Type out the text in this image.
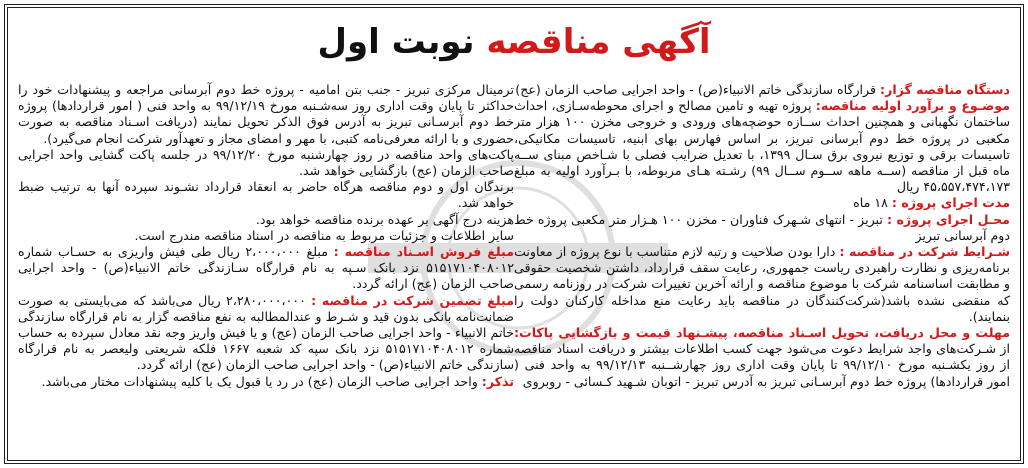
آگهی مناقصه نوبت اول

دستگاه مناقصه گزار: قرارگاه سازندگی خاتم الانبیاء(ص) - واحد اجرایی صاحب الزمان (عج)

موضـوع و برآورد اولیه مناقصه: پروژه تهیه و تامین مصالح و اجرای محوطه‌سـازی، احداث ساختمان نگهبانی و همچنین احداث ســازه حوضچه‌های ورودی و خروجی مخزن ۱۰۰ هزار متر مکعبی در پروژه خط دوم آبرسانی تبریز، بر اساس فهارس بهای ابنیه، تاسیسات مکانیکی، تاسیسات برقی و توزیع نیروی برق سـال ۱۳۹۹، با تعدیل ضرایب فصلی با شـاخص مبنای ســه ماه قبل از مناقصه (ســه ماهه ســوم ســال ۹۹) رشـته هـای مربوطه، با بـرآورد اولیه به مبلغ ۴۵،۵۵۷،۴۷۴،۱۷۳ ریال

مدت اجرای پروژه : ۱۸ ماه

محـل اجرای پروژه : تبریز - انتهای شـهرک فناوران - مخزن ۱۰۰ هـزار متر مکعبی پروژه خط دوم آبرسانی تبریز

شـرایط شرکت در مناقصه : دارا بودن صلاحیت و رتبه لازم متناسب با نوع پروژه از معاونت برنامه‌ریزی و نظارت راهبردی ریاست جمهوری، رعایت سقف قرارداد، داشتن شخصیت حقوقی و مطابقت اساسنامه شرکت با موضوع مناقصه و ارائه آخرین تغییرات شرکت در روزنامه رسمی که منقضی نشده باشد(شرکت‌کنندگان در مناقصه باید رعایت منع مداخله کارکنان دولت را بنمایند).

مهلت و محل دریافت، تحویل اسـناد مناقصه، پیشـنهاد قیمت و بازگشایی پاکات: از شـرکت‌های واجد شرایط دعوت می‌شود جهت کسب اطلاعات بیشتر و دریافت اسناد مناقصه از روز یکشـنبه مورخ ۹۹/۱۲/۱۰ تا پایان وقت اداری روز چهارشــنبه ۹۹/۱۲/۱۳ به واحد فنی ( امور قراردادها) پروژه خط دوم آبرسـانی تبریز به آدرس تبریز - اتوبان شـهید کـسائی - روبروی

ترمینال مرکزی تبریز - جنب بتن امامیه - پروژه خط دوم آبرسانی مراجعه و پیشنهادات خود را حداکثر تا پایان وقت اداری روز سه‌شـنبه مورخ ۹۹/۱۲/۱۹ به واحد فنی ( امور قراردادها) پروژه خط دوم آبرسـانی تبریز به آدرس فوق الذکر تحویل نمایند (دریافت اسـناد مناقصه به صورت حضوری و با ارائه معرفی‌نامه کتبی، با مهر و امضای مجاز و تعهدآور شرکت انجام می‌گیرد).

پاکت‌های واحد مناقصه در روز چهارشنبه مورخ ۹۹/۱۲/۲۰ در جلسه پاکت گشایی واحد اجرایی صاحب الزمان (عج) بازگشایی خواهد شد.

برندگان اول و دوم مناقصه هرگاه حاضر به انعقاد قرارداد نشـوند سپرده آنها به ترتیب ضبط خواهد شد.

هزینه درج آگهی بر عهده برنده مناقصه خواهد بود.

سایر اطلاعات و جزئیات مربوط به مناقصه در اسناد مناقصه مندرج است.

مبلغ فروش اسـناد مناقصه : مبلغ ۲،۰۰۰،۰۰۰ ریال طی فیش واریزی به حسـاب شماره ۵۱۵۱۷۱۰۴۰۸۰۱۲ نزد بانک سـپه به نام قرارگاه سـازندگی خاتم الانبیاء(ص) - واحد اجرایی صاحب الزمان (عج) ارائه گردد.

مبلغ تضمین شرکت در مناقصه : ۲،۲۸۰،۰۰۰،۰۰۰ ریال می‌باشد که می‌بایستی به صورت ضمانت‌نامه بانکی بدون قید و شـرط و عندالمطالبه به نفع مناقصه گزار به نام قرارگاه سازندگی خاتم الانبیاء - واحد اجرایی صاحب الزمان (عج) و یا فیش واریز وجه نقد معادل سپرده به حساب شماره ۵۱۵۱۷۱۰۴۰۸۰۱۲ نزد بانک سپه کد شعبه ۱۶۶۷ فلکه شریعتی ولیعصر به نام قرارگاه سازندگی خاتم الانبیاء(ص) - واحد اجرایی صاحب الزمان (عج) ارائه گردد.

تذکر: واحد اجرایی صاحب الزمان (عج) در رد یا قبول یک یا کلیه پیشنهادات مختار می‌باشد.
